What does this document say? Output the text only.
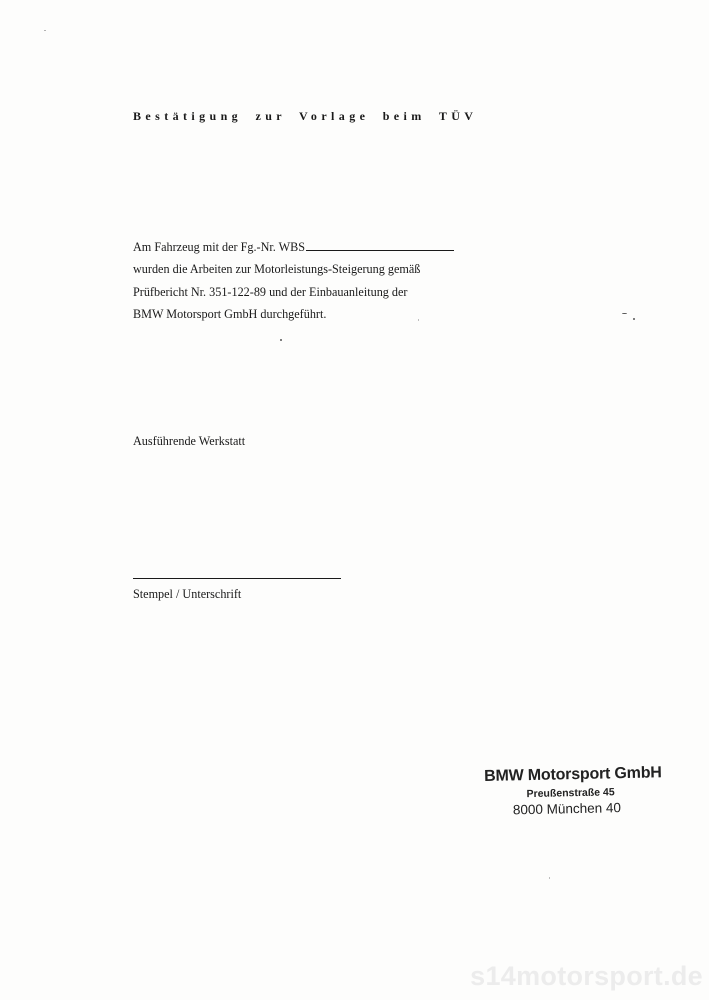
Bestätigung zur Vorlage beim TÜV
Am Fahrzeug mit der Fg.-Nr. WBS
wurden die Arbeiten zur Motorleistungs-Steigerung gemäß
Prüfbericht Nr. 351-122-89 und der Einbauanleitung der
BMW Motorsport GmbH durchgeführt.
Ausführende Werkstatt
Stempel / Unterschrift
BMW Motorsport GmbH
Preußenstraße 45
8000 München 40
s14motorsport.de
